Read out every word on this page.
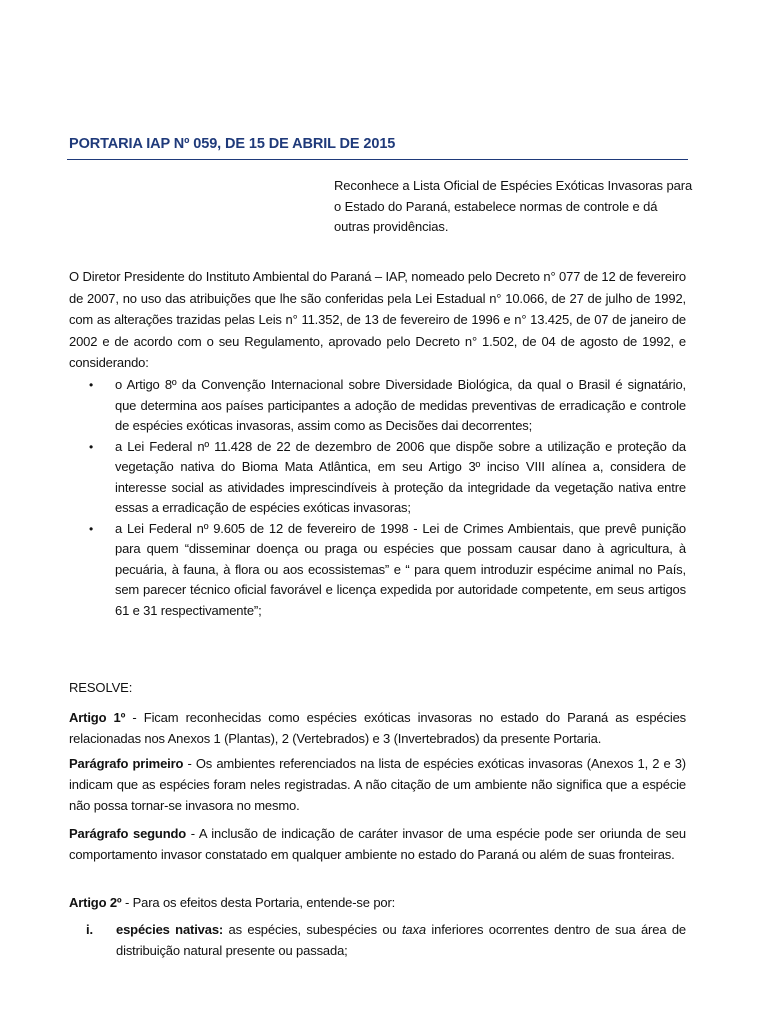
PORTARIA IAP Nº 059, DE 15 DE ABRIL DE 2015
Reconhece a Lista Oficial de Espécies Exóticas Invasoras para o Estado do Paraná, estabelece normas de controle e dá outras providências.
O Diretor Presidente do Instituto Ambiental do Paraná – IAP, nomeado pelo Decreto n° 077 de 12 de fevereiro de 2007, no uso das atribuições que lhe são conferidas pela Lei Estadual n° 10.066, de 27 de julho de 1992, com as alterações trazidas pelas Leis n° 11.352, de 13 de fevereiro de 1996 e n° 13.425, de 07 de janeiro de 2002 e de acordo com o seu Regulamento, aprovado pelo Decreto n° 1.502, de 04 de agosto de 1992, e considerando:
• o Artigo 8º da Convenção Internacional sobre Diversidade Biológica, da qual o Brasil é signatário, que determina aos países participantes a adoção de medidas preventivas de erradicação e controle de espécies exóticas invasoras, assim como as Decisões dai decorrentes;
• a Lei Federal nº 11.428 de 22 de dezembro de 2006 que dispõe sobre a utilização e proteção da vegetação nativa do Bioma Mata Atlântica, em seu Artigo 3º inciso VIII alínea a, considera de interesse social as atividades imprescindíveis à proteção da integridade da vegetação nativa entre essas a erradicação de espécies exóticas invasoras;
• a Lei Federal nº 9.605 de 12 de fevereiro de 1998 - Lei de Crimes Ambientais, que prevê punição para quem “disseminar doença ou praga ou espécies que possam causar dano à agricultura, à pecuária, à fauna, à flora ou aos ecossistemas” e “ para quem introduzir espécime animal no País, sem parecer técnico oficial favorável e licença expedida por autoridade competente, em seus artigos 61 e 31 respectivamente”;
RESOLVE:
Artigo 1º - Ficam reconhecidas como espécies exóticas invasoras no estado do Paraná as espécies relacionadas nos Anexos 1 (Plantas), 2 (Vertebrados) e 3 (Invertebrados) da presente Portaria.
Parágrafo primeiro - Os ambientes referenciados na lista de espécies exóticas invasoras (Anexos 1, 2 e 3) indicam que as espécies foram neles registradas. A não citação de um ambiente não significa que a espécie não possa tornar-se invasora no mesmo.
Parágrafo segundo - A inclusão de indicação de caráter invasor de uma espécie pode ser oriunda de seu comportamento invasor constatado em qualquer ambiente no estado do Paraná ou além de suas fronteiras.
Artigo 2º - Para os efeitos desta Portaria, entende-se por:
i. espécies nativas: as espécies, subespécies ou taxa inferiores ocorrentes dentro de sua área de distribuição natural presente ou passada;
